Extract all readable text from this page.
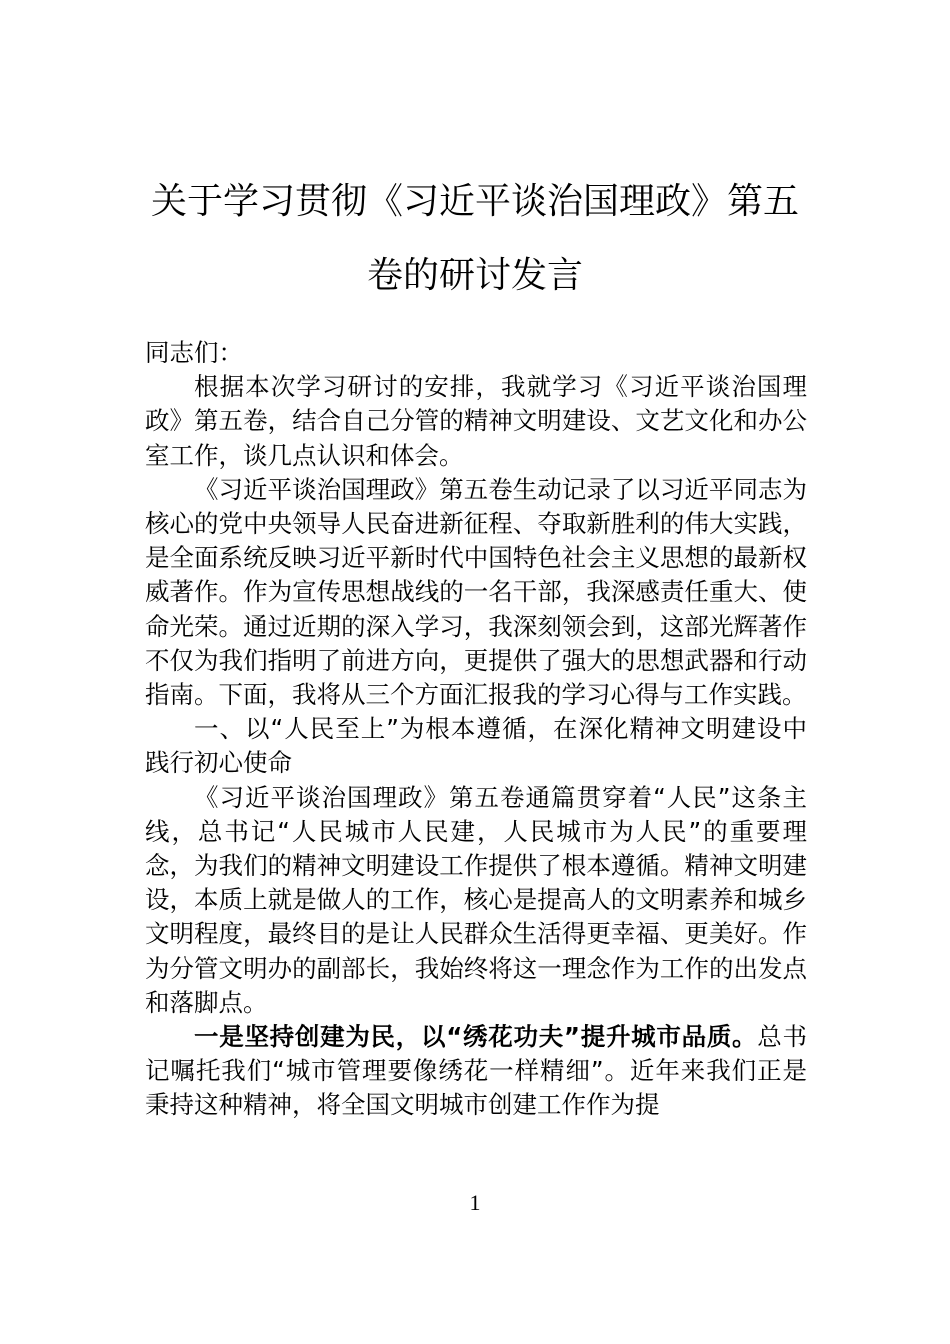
关于学习贯彻《习近平谈治国理政》第五卷的研讨发言

同志们：

根据本次学习研讨的安排，我就学习《习近平谈治国理政》第五卷，结合自己分管的精神文明建设、文艺文化和办公室工作，谈几点认识和体会。

《习近平谈治国理政》第五卷生动记录了以习近平同志为核心的党中央领导人民奋进新征程、夺取新胜利的伟大实践，是全面系统反映习近平新时代中国特色社会主义思想的最新权威著作。作为宣传思想战线的一名干部，我深感责任重大、使命光荣。通过近期的深入学习，我深刻领会到，这部光辉著作不仅为我们指明了前进方向，更提供了强大的思想武器和行动指南。下面，我将从三个方面汇报我的学习心得与工作实践。

一、以“人民至上”为根本遵循，在深化精神文明建设中践行初心使命

《习近平谈治国理政》第五卷通篇贯穿着“人民”这条主线，总书记“人民城市人民建，人民城市为人民”的重要理念，为我们的精神文明建设工作提供了根本遵循。精神文明建设，本质上就是做人的工作，核心是提高人的文明素养和城乡文明程度，最终目的是让人民群众生活得更幸福、更美好。作为分管文明办的副部长，我始终将这一理念作为工作的出发点和落脚点。

一是坚持创建为民，以“绣花功夫”提升城市品质。总书记嘱托我们“城市管理要像绣花一样精细”。近年来我们正是秉持这种精神，将全国文明城市创建工作作为提

1
